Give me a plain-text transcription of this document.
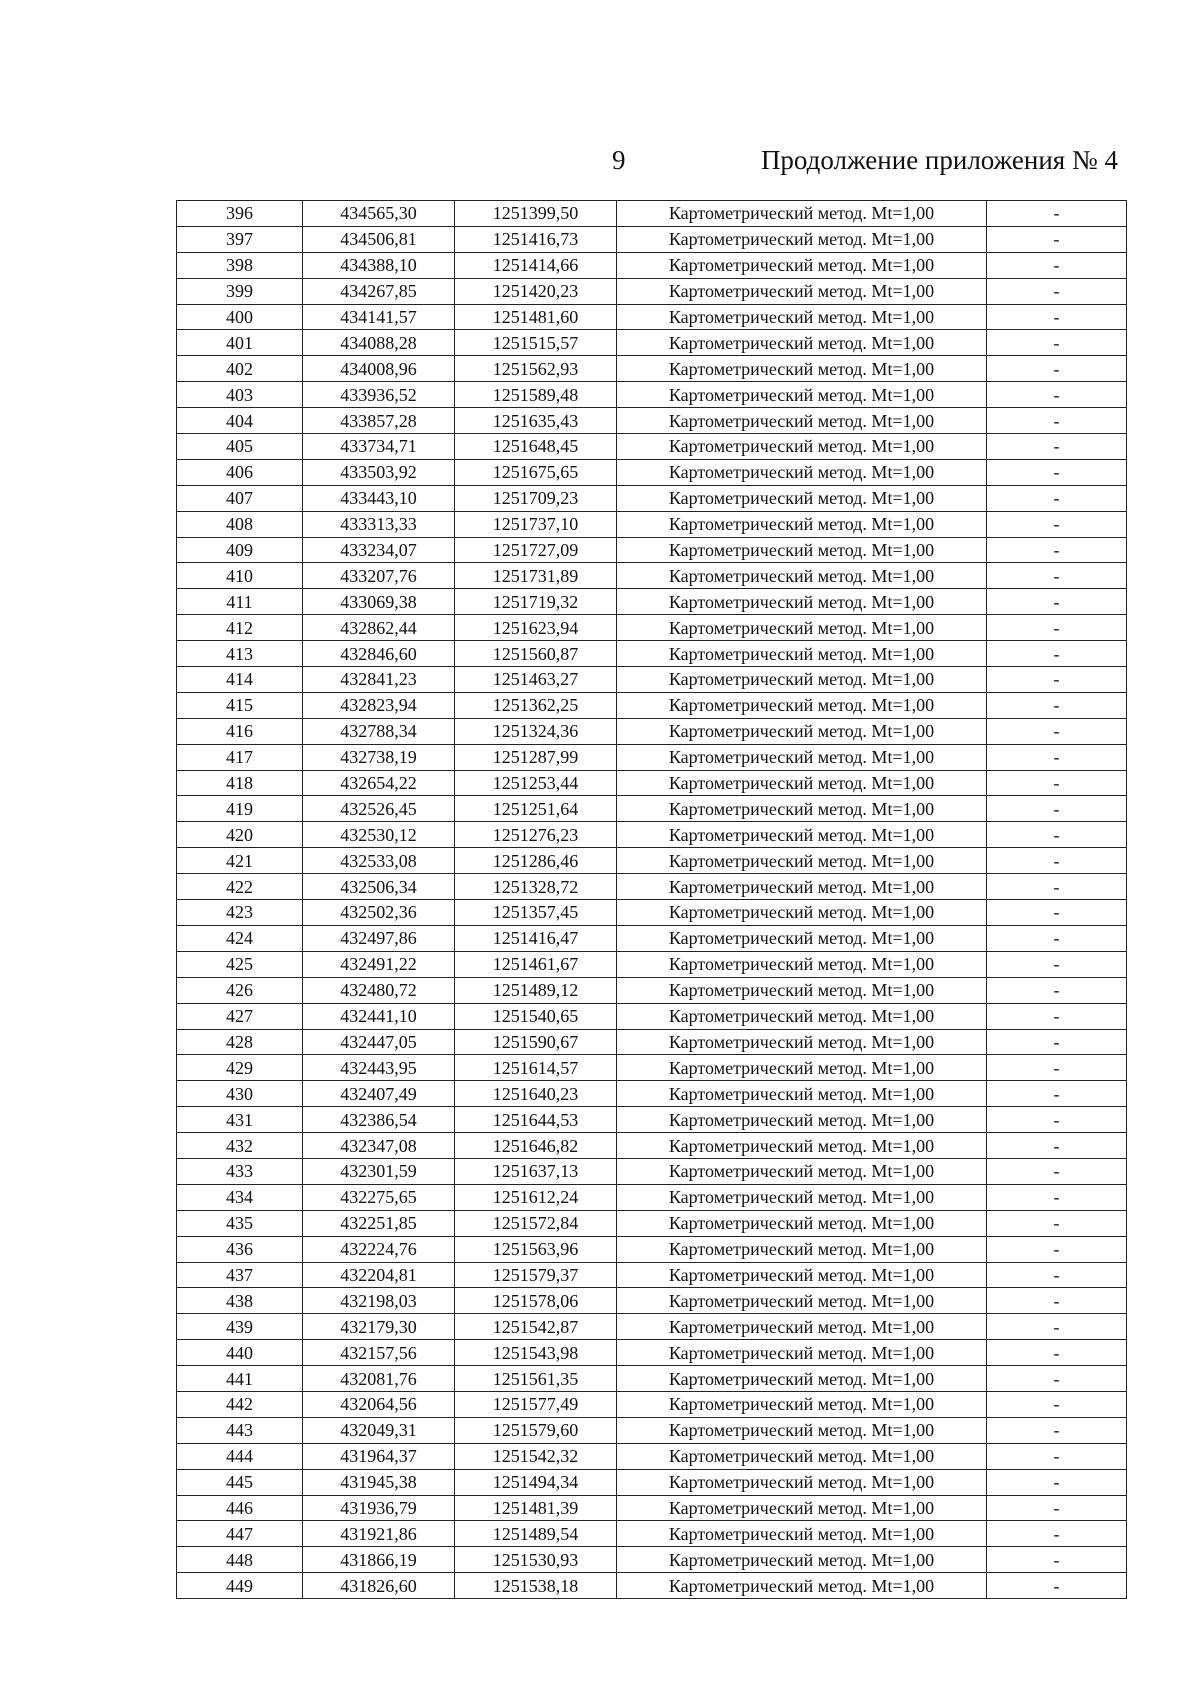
9	Продолжение приложения № 4
396	434565,30	1251399,50	Картометрический метод. Mt=1,00	-
397	434506,81	1251416,73	Картометрический метод. Mt=1,00	-
398	434388,10	1251414,66	Картометрический метод. Mt=1,00	-
399	434267,85	1251420,23	Картометрический метод. Mt=1,00	-
400	434141,57	1251481,60	Картометрический метод. Mt=1,00	-
401	434088,28	1251515,57	Картометрический метод. Mt=1,00	-
402	434008,96	1251562,93	Картометрический метод. Mt=1,00	-
403	433936,52	1251589,48	Картометрический метод. Mt=1,00	-
404	433857,28	1251635,43	Картометрический метод. Mt=1,00	-
405	433734,71	1251648,45	Картометрический метод. Mt=1,00	-
406	433503,92	1251675,65	Картометрический метод. Mt=1,00	-
407	433443,10	1251709,23	Картометрический метод. Mt=1,00	-
408	433313,33	1251737,10	Картометрический метод. Mt=1,00	-
409	433234,07	1251727,09	Картометрический метод. Mt=1,00	-
410	433207,76	1251731,89	Картометрический метод. Mt=1,00	-
411	433069,38	1251719,32	Картометрический метод. Mt=1,00	-
412	432862,44	1251623,94	Картометрический метод. Mt=1,00	-
413	432846,60	1251560,87	Картометрический метод. Mt=1,00	-
414	432841,23	1251463,27	Картометрический метод. Mt=1,00	-
415	432823,94	1251362,25	Картометрический метод. Mt=1,00	-
416	432788,34	1251324,36	Картометрический метод. Mt=1,00	-
417	432738,19	1251287,99	Картометрический метод. Mt=1,00	-
418	432654,22	1251253,44	Картометрический метод. Mt=1,00	-
419	432526,45	1251251,64	Картометрический метод. Mt=1,00	-
420	432530,12	1251276,23	Картометрический метод. Mt=1,00	-
421	432533,08	1251286,46	Картометрический метод. Mt=1,00	-
422	432506,34	1251328,72	Картометрический метод. Mt=1,00	-
423	432502,36	1251357,45	Картометрический метод. Mt=1,00	-
424	432497,86	1251416,47	Картометрический метод. Mt=1,00	-
425	432491,22	1251461,67	Картометрический метод. Mt=1,00	-
426	432480,72	1251489,12	Картометрический метод. Mt=1,00	-
427	432441,10	1251540,65	Картометрический метод. Mt=1,00	-
428	432447,05	1251590,67	Картометрический метод. Mt=1,00	-
429	432443,95	1251614,57	Картометрический метод. Mt=1,00	-
430	432407,49	1251640,23	Картометрический метод. Mt=1,00	-
431	432386,54	1251644,53	Картометрический метод. Mt=1,00	-
432	432347,08	1251646,82	Картометрический метод. Mt=1,00	-
433	432301,59	1251637,13	Картометрический метод. Mt=1,00	-
434	432275,65	1251612,24	Картометрический метод. Mt=1,00	-
435	432251,85	1251572,84	Картометрический метод. Mt=1,00	-
436	432224,76	1251563,96	Картометрический метод. Mt=1,00	-
437	432204,81	1251579,37	Картометрический метод. Mt=1,00	-
438	432198,03	1251578,06	Картометрический метод. Mt=1,00	-
439	432179,30	1251542,87	Картометрический метод. Mt=1,00	-
440	432157,56	1251543,98	Картометрический метод. Mt=1,00	-
441	432081,76	1251561,35	Картометрический метод. Mt=1,00	-
442	432064,56	1251577,49	Картометрический метод. Mt=1,00	-
443	432049,31	1251579,60	Картометрический метод. Mt=1,00	-
444	431964,37	1251542,32	Картометрический метод. Mt=1,00	-
445	431945,38	1251494,34	Картометрический метод. Mt=1,00	-
446	431936,79	1251481,39	Картометрический метод. Mt=1,00	-
447	431921,86	1251489,54	Картометрический метод. Mt=1,00	-
448	431866,19	1251530,93	Картометрический метод. Mt=1,00	-
449	431826,60	1251538,18	Картометрический метод. Mt=1,00	-
